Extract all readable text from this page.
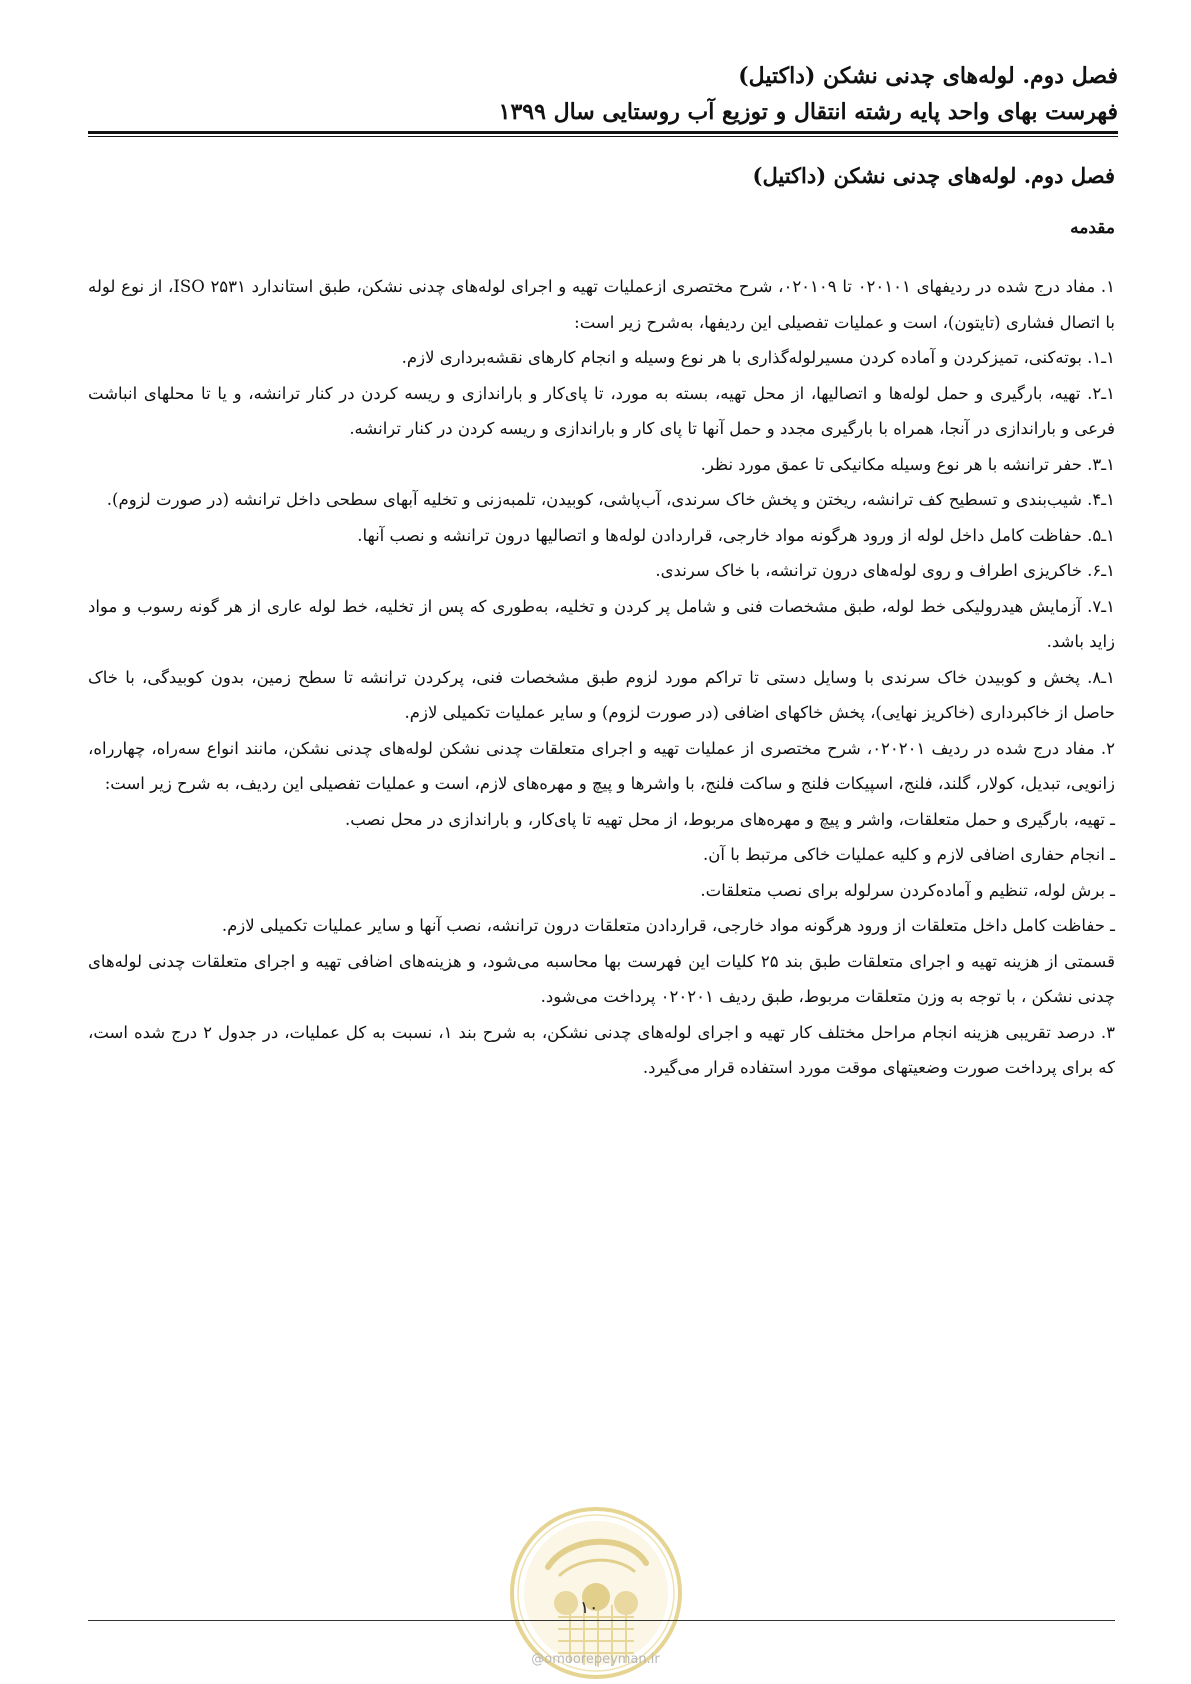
فصل دوم. لوله‌های چدنی نشکن (داکتیل)
فهرست بهای واحد پایه رشته انتقال و توزیع آب روستایی سال ۱۳۹۹
فصل دوم. لوله‌های چدنی نشکن (داکتیل)
مقدمه

۱. مفاد درج شده در ردیفهای ۰۲۰۱۰۱ تا ۰۲۰۱۰۹، شرح مختصری ازعملیات تهیه و اجرای لوله‌های چدنی نشکن، طبق استاندارد ISO ۲۵۳۱، از نوع لوله با اتصال فشاری (تایتون)، است و عملیات تفصیلی این ردیفها، به‌شرح زیر است:

۱ـ۱. بوته‌کنی، تمیزکردن و آماده کردن مسیرلوله‌گذاری با هر نوع وسیله و انجام کارهای نقشه‌برداری لازم.

۱ـ۲. تهیه، بارگیری و حمل لوله‌ها و اتصالیها، از محل تهیه، بسته به مورد، تا پای‌کار و باراندازی و ریسه کردن در کنار ترانشه، و یا تا محلهای انباشت فرعی و باراندازی در آنجا، همراه با بارگیری مجدد و حمل آنها تا پای کار و باراندازی و ریسه کردن در کنار ترانشه.

۱ـ۳. حفر ترانشه با هر نوع وسیله مکانیکی تا عمق مورد نظر.

۱ـ۴. شیب‌بندی و تسطیح کف ترانشه، ریختن و پخش خاک سرندی، آب‌پاشی، کوبیدن، تلمبه‌زنی و تخلیه آبهای سطحی داخل ترانشه (در صورت لزوم).

۱ـ۵. حفاظت کامل داخل لوله از ورود هرگونه مواد خارجی، قراردادن لوله‌ها و اتصالیها درون ترانشه و نصب آنها.

۱ـ۶. خاکریزی اطراف و روی لوله‌های درون ترانشه، با خاک سرندی.

۱ـ۷. آزمایش هیدرولیکی خط لوله، طبق مشخصات فنی و شامل پر کردن و تخلیه، به‌طوری که پس از تخلیه، خط لوله عاری از هر گونه رسوب و مواد زاید باشد.

۱ـ۸. پخش و کوبیدن خاک سرندی با وسایل دستی تا تراکم مورد لزوم طبق مشخصات فنی، پرکردن ترانشه تا سطح زمین، بدون کوبیدگی، با خاک حاصل از خاکبرداری (خاکریز نهایی)، پخش خاکهای اضافی (در صورت لزوم) و سایر عملیات تکمیلی لازم.

۲. مفاد درج شده در ردیف ۰۲۰۲۰۱، شرح مختصری از عملیات تهیه و اجرای متعلقات چدنی نشکن لوله‌های چدنی نشکن، مانند انواع سه‌راه، چهارراه، زانویی، تبدیل، کولار، گلند، فلنج، اسپیکات فلنج و ساکت فلنج، با واشرها و پیچ و مهره‌های لازم، است و عملیات تفصیلی این ردیف، به شرح زیر است:

ـ تهیه، بارگیری و حمل متعلقات، واشر و پیچ و مهره‌های مربوط، از محل تهیه تا پای‌کار، و باراندازی در محل نصب.

ـ انجام حفاری اضافی لازم و کلیه عملیات خاکی مرتبط با آن.

ـ برش لوله، تنظیم و آماده‌کردن سرلوله برای نصب متعلقات.

ـ حفاظت کامل داخل متعلقات از ورود هرگونه مواد خارجی، قراردادن متعلقات درون ترانشه، نصب آنها و سایر عملیات تکمیلی لازم.

قسمتی از هزینه تهیه و اجرای متعلقات طبق بند ۲۵ کلیات این فهرست بها محاسبه می‌شود، و هزینه‌های اضافی تهیه و اجرای متعلقات چدنی لوله‌های چدنی نشکن ، با توجه به وزن متعلقات مربوط، طبق ردیف ۰۲۰۲۰۱ پرداخت می‌شود.

۳. درصد تقریبی هزینه انجام مراحل مختلف کار تهیه و اجرای لوله‌های چدنی نشکن، به شرح بند ۱، نسبت به کل عملیات، در جدول ۲ درج شده است، که برای پرداخت صورت وضعیتهای موقت مورد استفاده قرار می‌گیرد.

۱۰
@omoorepeyman.ir
